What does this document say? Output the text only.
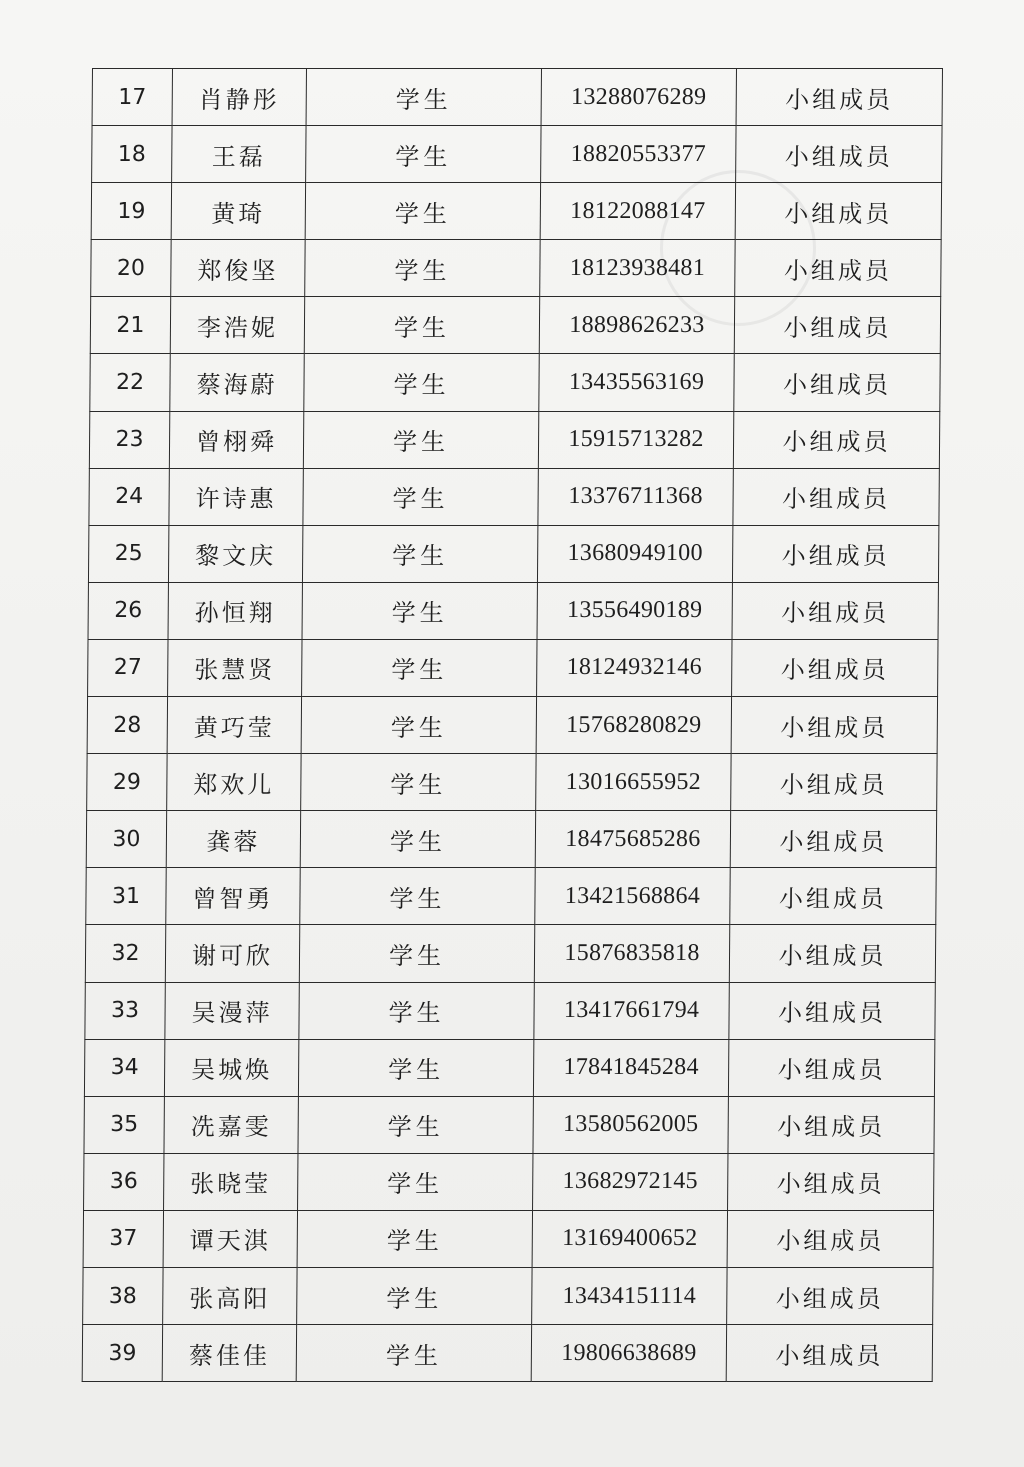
17	肖静彤	学生	13288076289	小组成员
18	王磊	学生	18820553377	小组成员
19	黄琦	学生	18122088147	小组成员
20	郑俊坚	学生	18123938481	小组成员
21	李浩妮	学生	18898626233	小组成员
22	蔡海蔚	学生	13435563169	小组成员
23	曾栩舜	学生	15915713282	小组成员
24	许诗惠	学生	13376711368	小组成员
25	黎文庆	学生	13680949100	小组成员
26	孙恒翔	学生	13556490189	小组成员
27	张慧贤	学生	18124932146	小组成员
28	黄巧莹	学生	15768280829	小组成员
29	郑欢儿	学生	13016655952	小组成员
30	龚蓉	学生	18475685286	小组成员
31	曾智勇	学生	13421568864	小组成员
32	谢可欣	学生	15876835818	小组成员
33	吴漫萍	学生	13417661794	小组成员
34	吴城焕	学生	17841845284	小组成员
35	冼嘉雯	学生	13580562005	小组成员
36	张晓莹	学生	13682972145	小组成员
37	谭天淇	学生	13169400652	小组成员
38	张高阳	学生	13434151114	小组成员
39	蔡佳佳	学生	19806638689	小组成员
